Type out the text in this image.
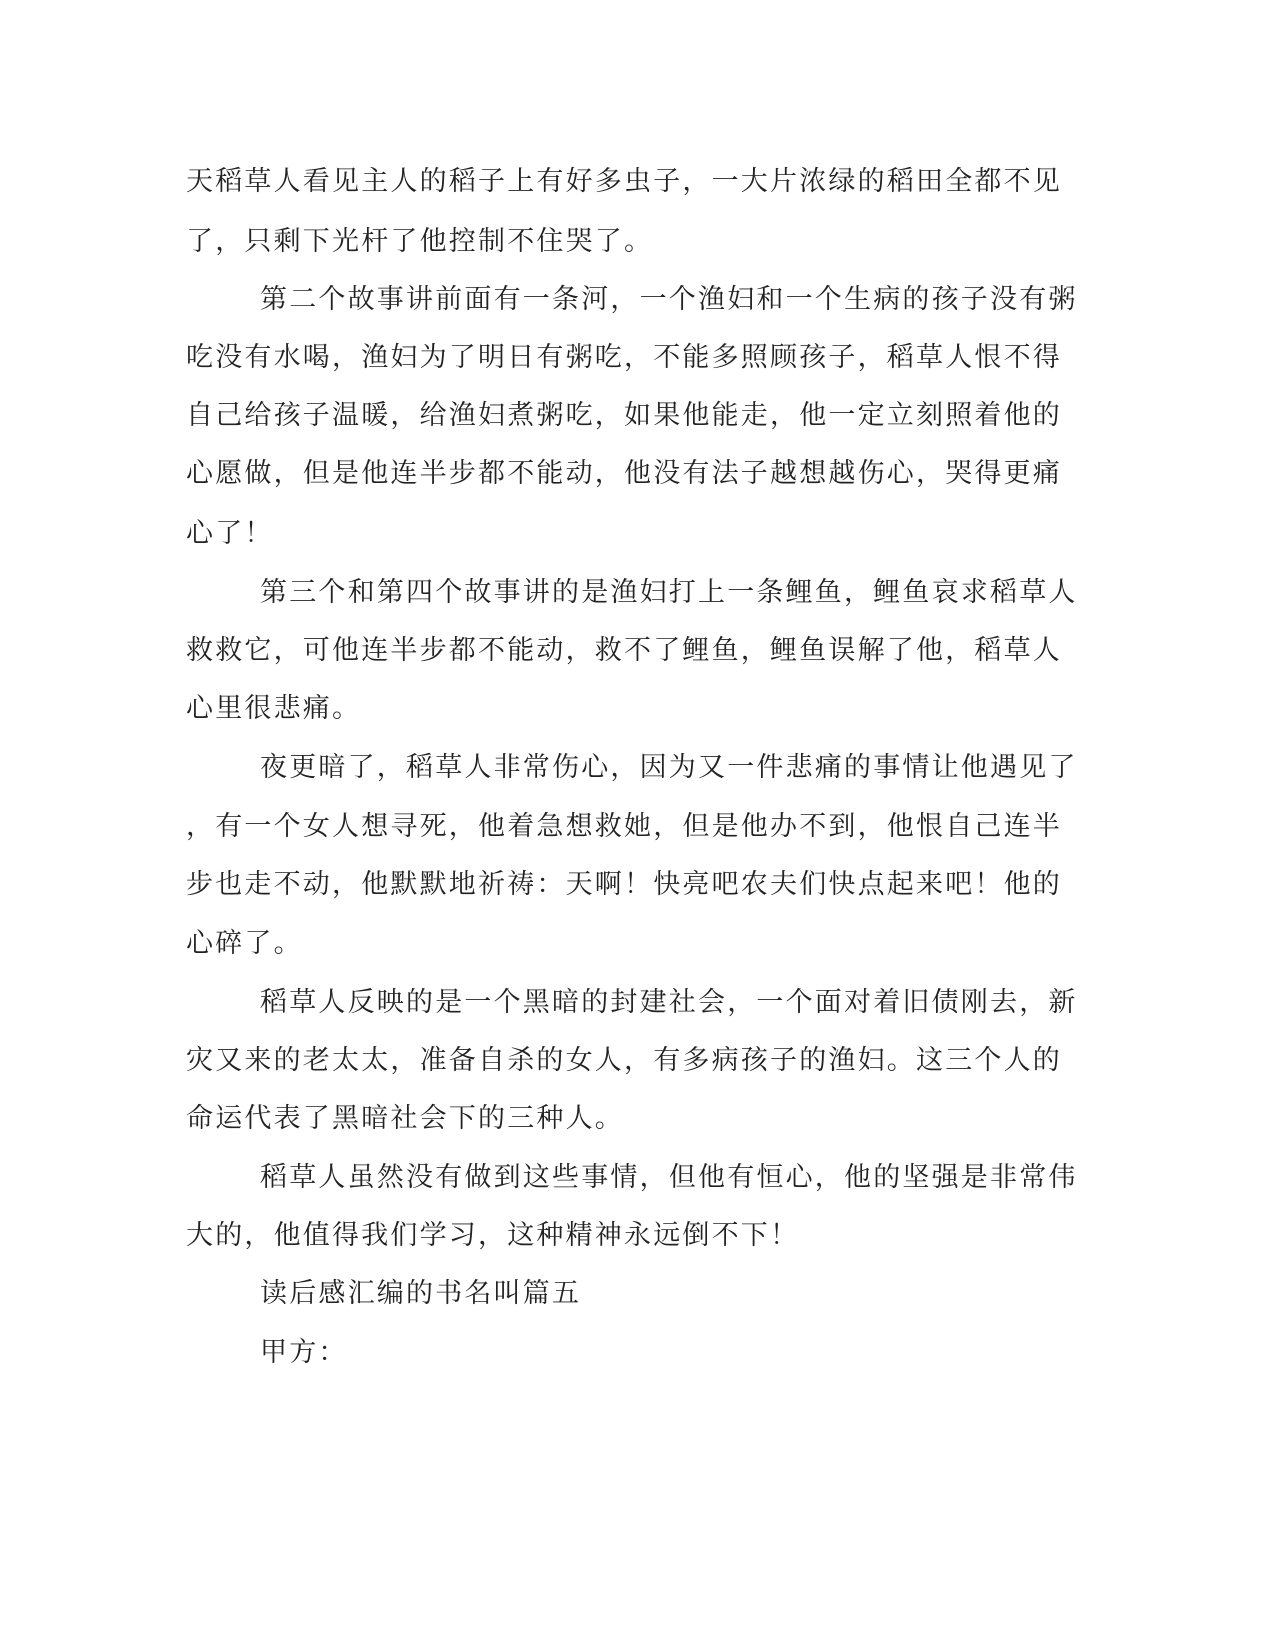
天稻草人看见主人的稻子上有好多虫子，一大片浓绿的稻田全都不见

了，只剩下光杆了他控制不住哭了。

第二个故事讲前面有一条河，一个渔妇和一个生病的孩子没有粥

吃没有水喝，渔妇为了明日有粥吃，不能多照顾孩子，稻草人恨不得

自己给孩子温暖，给渔妇煮粥吃，如果他能走，他一定立刻照着他的

心愿做，但是他连半步都不能动，他没有法子越想越伤心，哭得更痛

心了！

第三个和第四个故事讲的是渔妇打上一条鲤鱼，鲤鱼哀求稻草人

救救它，可他连半步都不能动，救不了鲤鱼，鲤鱼误解了他，稻草人

心里很悲痛。

夜更暗了，稻草人非常伤心，因为又一件悲痛的事情让他遇见了

，有一个女人想寻死，他着急想救她，但是他办不到，他恨自己连半

步也走不动，他默默地祈祷：天啊！快亮吧农夫们快点起来吧！他的

心碎了。

稻草人反映的是一个黑暗的封建社会，一个面对着旧债刚去，新

灾又来的老太太，准备自杀的女人，有多病孩子的渔妇。这三个人的

命运代表了黑暗社会下的三种人。

稻草人虽然没有做到这些事情，但他有恒心，他的坚强是非常伟

大的，他值得我们学习，这种精神永远倒不下！

读后感汇编的书名叫篇五

甲方：
